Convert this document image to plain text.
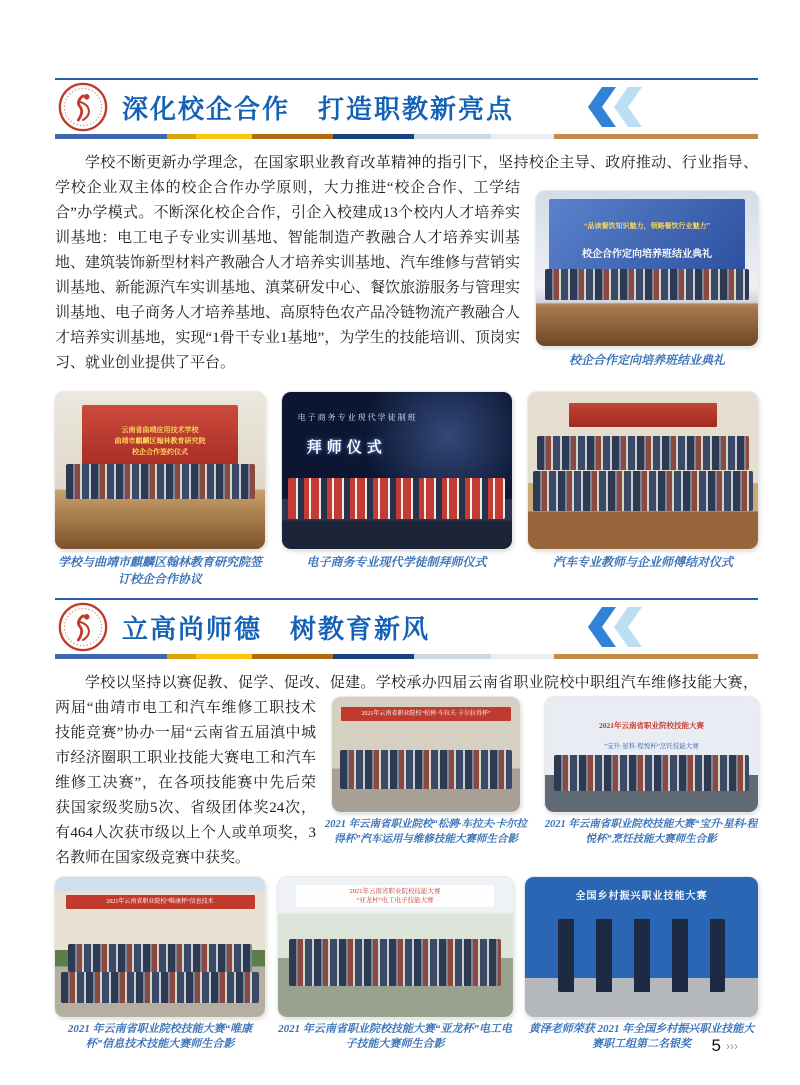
深化校企合作　打造职教新亮点
“品读餐饮知识魅力，领略餐饮行业魅力”
校企合作定向培养班结业典礼
校企合作定向培养班结业典礼
学校不断更新办学理念，在国家职业教育改革精神的指引下，坚持校企主导、政府推动、行业指导、学校企业双主体的校企合作办学原则，大力推进“校企合作、工学结合”办学模式。不断深化校企合作，引企入校建成13个校内人才培养实训基地：电工电子专业实训基地、智能制造产教融合人才培养实训基地、建筑装饰新型材料产教融合人才培养实训基地、汽车维修与营销实训基地、新能源汽车实训基地、滇菜研发中心、餐饮旅游服务与管理实训基地、电子商务人才培养基地、高原特色农产品冷链物流产教融合人才培养实训基地，实现“1骨干专业1基地”，为学生的技能培训、顶岗实习、就业创业提供了平台。
云南省曲靖应用技术学校
曲靖市麒麟区翰林教育研究院
校企合作签约仪式
学校与曲靖市麒麟区翰林教育研究院签订校企合作协议
电子商务专业现代学徒制班
拜师仪式
电子商务专业现代学徒制拜师仪式	汽车专业教师与企业师傅结对仪式
立高尚师德　树教育新风
2021年云南省职业院校“松骋·车拉夫·卡尔拉得杯”
2021 年云南省职业院校“松骋·车拉夫·卡尔拉得杯”汽车运用与维修技能大赛师生合影
2021年云南省职业院校技能大赛
“宝升·星科·程悦杯”烹饪技能大赛
2021 年云南省职业院校技能大赛“宝升·星科·程悦杯”烹饪技能大赛师生合影
学校以坚持以赛促教、促学、促改、促建。学校承办四届云南省职业院校中职组汽车维修技能大赛，两届“曲靖市电工和汽车维修工职技术技能竞赛”协办一届“云南省五届滇中城市经济圈职工职业技能大赛电工和汽车维修工决赛”，在各项技能赛中先后荣获国家级奖励5次、省级团体奖24次，有464人次获市级以上个人或单项奖，3名教师在国家级竞赛中获奖。
2021年云南省职业院校“唯康杯”信息技术
2021 年云南省职业院校技能大赛“唯康杯”信息技术技能大赛师生合影
2021年云南省职业院校技能大赛
“亚龙杯”电工电子技能大赛
2021 年云南省职业院校技能大赛“亚龙杯”电工电子技能大赛师生合影
全国乡村振兴职业技能大赛
黄泽老师荣获 2021 年全国乡村振兴职业技能大赛职工组第二名银奖	5 ›››
